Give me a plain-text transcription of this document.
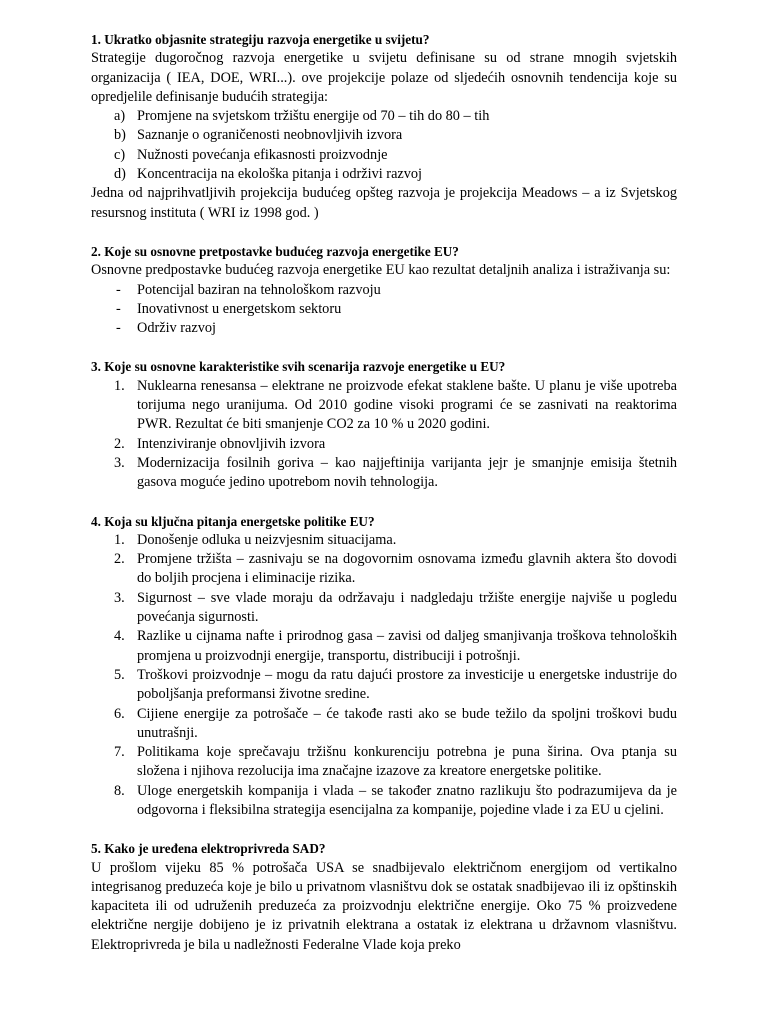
1. Ukratko objasnite strategiju razvoja energetike u svijetu?

Strategije dugoročnog razvoja energetike u svijetu definisane su od strane mnogih svjetskih organizacija ( IEA, DOE, WRI...). ove projekcije polaze od sljedećih osnovnih tendencija koje su opredjelile definisanje budućih strategija:

a) Promjene na svjetskom tržištu energije od 70 – tih do 80 – tih
b) Saznanje o ograničenosti neobnovljivih izvora
c) Nužnosti povećanja efikasnosti proizvodnje
d) Koncentracija na ekološka pitanja i održivi razvoj

Jedna od najprihvatljivih projekcija budućeg opšteg razvoja je projekcija Meadows – a iz Svjetskog resursnog instituta ( WRI iz 1998 god. )

2. Koje su osnovne pretpostavke budućeg razvoja energetike EU?

Osnovne predpostavke budućeg razvoja energetike EU kao rezultat detaljnih analiza i istraživanja su:

- Potencijal baziran na tehnološkom razvoju
- Inovativnost u energetskom sektoru
- Održiv razvoj

3. Koje su osnovne karakteristike svih scenarija razvoje energetike u EU?

1. Nuklearna renesansa – elektrane ne proizvode efekat staklene bašte. U planu je više upotreba torijuma nego uranijuma. Od 2010 godine visoki programi će se zasnivati na reaktorima PWR. Rezultat će biti smanjenje CO2 za 10 % u 2020 godini.
2. Intenziviranje obnovljivih izvora
3. Modernizacija fosilnih goriva – kao najjeftinija varijanta jejr je smanjnje emisija štetnih gasova moguće jedino upotrebom novih tehnologija.

4. Koja su ključna pitanja energetske politike EU?

1. Donošenje odluka u neizvjesnim situacijama.
2. Promjene tržišta – zasnivaju se na dogovornim osnovama između glavnih aktera što dovodi do boljih procjena i eliminacije rizika.
3. Sigurnost – sve vlade moraju da održavaju i nadgledaju tržište energije najviše u pogledu povećanja sigurnosti.
4. Razlike u cijnama nafte i prirodnog gasa – zavisi od daljeg smanjivanja troškova tehnoloških promjena u proizvodnji energije, transportu, distribuciji i potrošnji.
5. Troškovi proizvodnje – mogu da ratu dajući prostore za investicije u energetske industrije do poboljšanja preformansi životne sredine.
6. Cijiene energije za potrošače – će takođe rasti ako se bude težilo da spoljni troškovi budu unutrašnji.
7. Politikama koje sprečavaju tržišnu konkurenciju potrebna je puna širina. Ova ptanja su složena i njihova rezolucija ima značajne izazove za kreatore energetske politike.
8. Uloge energetskih kompanija i vlada – se također znatno razlikuju što podrazumijeva da je odgovorna i fleksibilna strategija esencijalna za kompanije, pojedine vlade i za EU u cjelini.

5. Kako je uređena elektroprivreda SAD?

U prošlom vijeku 85 % potrošača USA se snadbijevalo električnom energijom od vertikalno integrisanog preduzeća koje je bilo u privatnom vlasništvu dok se ostatak snadbijevao ili iz opštinskih kapaciteta ili od udruženih preduzeća za proizvodnju električne energije. Oko 75 % proizvedene električne nergije dobijeno je iz privatnih elektrana a ostatak iz elektrana u državnom vlasništvu. Elektroprivreda je bila u nadležnosti Federalne Vlade koja preko
